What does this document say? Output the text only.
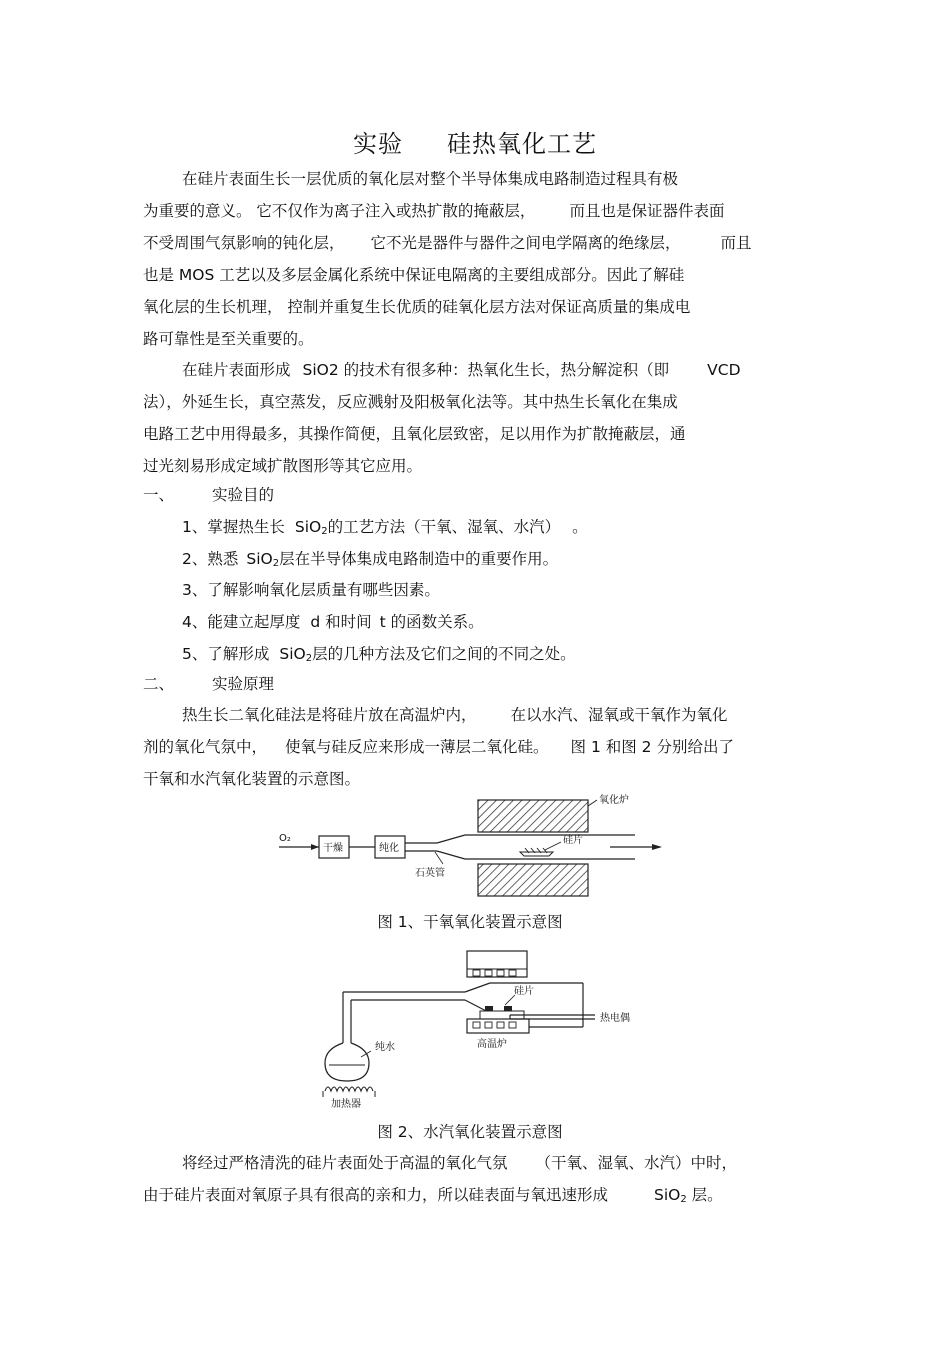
实验 硅热氧化工艺
在硅片表面生长一层优质的氧化层对整个半导体集成电路制造过程具有极
为重要的意义。 它不仅作为离子注入或热扩散的掩蔽层， 而且也是保证器件表面
不受周围气氛影响的钝化层， 它不光是器件与器件之间电学隔离的绝缘层，	而且
也是 MOS 工艺以及多层金属化系统中保证电隔离的主要组成部分。因此了解硅
氧化层的生长机理， 控制并重复生长优质的硅氧化层方法对保证高质量的集成电
路可靠性是至关重要的。
在硅片表面形成 SiO2 的技术有很多种：热氧化生长，热分解淀积（即 VCD
法），外延生长，真空蒸发，反应溅射及阳极氧化法等。其中热生长氧化在集成
电路工艺中用得最多，其操作简便，且氧化层致密，足以用作为扩散掩蔽层，通
过光刻易形成定域扩散图形等其它应用。
一、 实验目的
1、掌握热生长 SiO$_2$的工艺方法（干氧、湿氧、水汽） 。
2、熟悉 SiO$_2$层在半导体集成电路制造中的重要作用。
3、了解影响氧化层质量有哪些因素。
4、能建立起厚度 d 和时间 t 的函数关系。
5、了解形成 SiO$_2$层的几种方法及它们之间的不同之处。
二、 实验原理
热生长二氧化硅法是将硅片放在高温炉内， 在以水汽、湿氧或干氧作为氧化
剂的氧化气氛中， 使氧与硅反应来形成一薄层二氧化硅。 图 1 和图 2 分别给出了
干氧和水汽氧化装置的示意图。
O₂
干燥	纯化
石英管
氧化炉
硅片
图 1、干氧氧化装置示意图
硅片
热电偶
纯水	高温炉
加热器
图 2、水汽氧化装置示意图
将经过严格清洗的硅片表面处于高温的氧化气氛 （干氧、湿氧、水汽）中时，
由于硅片表面对氧原子具有很高的亲和力，所以硅表面与氧迅速形成	SiO$_2$ 层。
